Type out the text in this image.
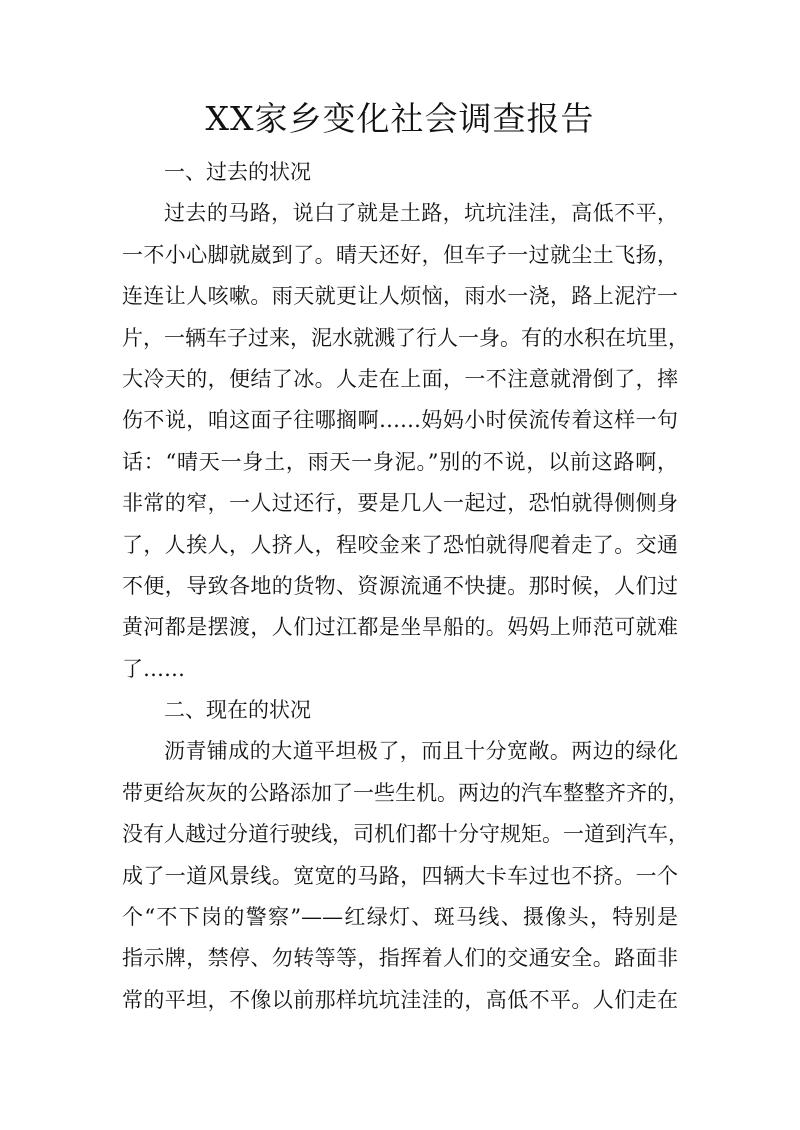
XX家乡变化社会调查报告
一、过去的状况
过去的马路，说白了就是土路，坑坑洼洼，高低不平，
一不小心脚就崴到了。晴天还好，但车子一过就尘土飞扬，
连连让人咳嗽。雨天就更让人烦恼，雨水一浇，路上泥泞一
片，一辆车子过来，泥水就溅了行人一身。有的水积在坑里，
大冷天的，便结了冰。人走在上面，一不注意就滑倒了，摔
伤不说，咱这面子往哪搁啊……妈妈小时侯流传着这样一句
话：“晴天一身土，雨天一身泥。”别的不说，以前这路啊，
非常的窄，一人过还行，要是几人一起过，恐怕就得侧侧身
了，人挨人，人挤人，程咬金来了恐怕就得爬着走了。交通
不便，导致各地的货物、资源流通不快捷。那时候，人们过
黄河都是摆渡，人们过江都是坐旱船的。妈妈上师范可就难
了……
二、现在的状况
沥青铺成的大道平坦极了，而且十分宽敞。两边的绿化
带更给灰灰的公路添加了一些生机。两边的汽车整整齐齐的，
没有人越过分道行驶线，司机们都十分守规矩。一道到汽车，
成了一道风景线。宽宽的马路，四辆大卡车过也不挤。一个
个“不下岗的警察”——红绿灯、斑马线、摄像头，特别是
指示牌，禁停、勿转等等，指挥着人们的交通安全。路面非
常的平坦，不像以前那样坑坑洼洼的，高低不平。人们走在
